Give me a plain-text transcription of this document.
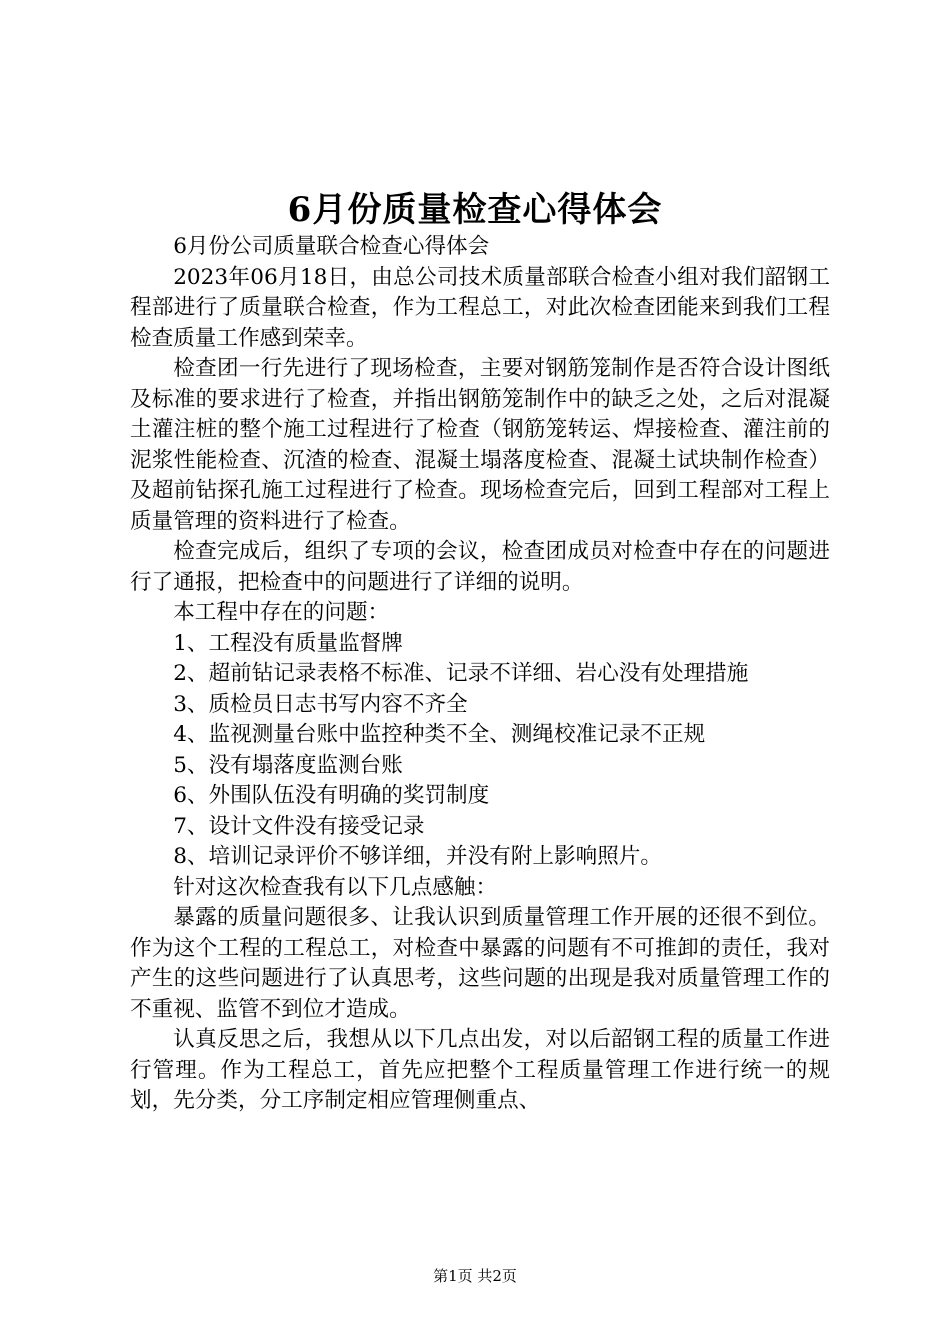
6月份质量检查心得体会

6月份公司质量联合检查心得体会

2023年06月18日，由总公司技术质量部联合检查小组对我们韶钢工程部进行了质量联合检查，作为工程总工，对此次检查团能来到我们工程检查质量工作感到荣幸。

检查团一行先进行了现场检查，主要对钢筋笼制作是否符合设计图纸及标准的要求进行了检查，并指出钢筋笼制作中的缺乏之处，之后对混凝土灌注桩的整个施工过程进行了检查（钢筋笼转运、焊接检查、灌注前的泥浆性能检查、沉渣的检查、混凝土塌落度检查、混凝土试块制作检查）及超前钻探孔施工过程进行了检查。现场检查完后，回到工程部对工程上质量管理的资料进行了检查。

检查完成后，组织了专项的会议，检查团成员对检查中存在的问题进行了通报，把检查中的问题进行了详细的说明。

本工程中存在的问题：

1、工程没有质量监督牌

2、超前钻记录表格不标准、记录不详细、岩心没有处理措施

3、质检员日志书写内容不齐全

4、监视测量台账中监控种类不全、测绳校准记录不正规

5、没有塌落度监测台账

6、外围队伍没有明确的奖罚制度

7、设计文件没有接受记录

8、培训记录评价不够详细，并没有附上影响照片。

针对这次检查我有以下几点感触：

暴露的质量问题很多、让我认识到质量管理工作开展的还很不到位。作为这个工程的工程总工，对检查中暴露的问题有不可推卸的责任，我对产生的这些问题进行了认真思考，这些问题的出现是我对质量管理工作的不重视、监管不到位才造成。

认真反思之后，我想从以下几点出发，对以后韶钢工程的质量工作进行管理。作为工程总工，首先应把整个工程质量管理工作进行统一的规划，先分类，分工序制定相应管理侧重点、

第1页 共2页
